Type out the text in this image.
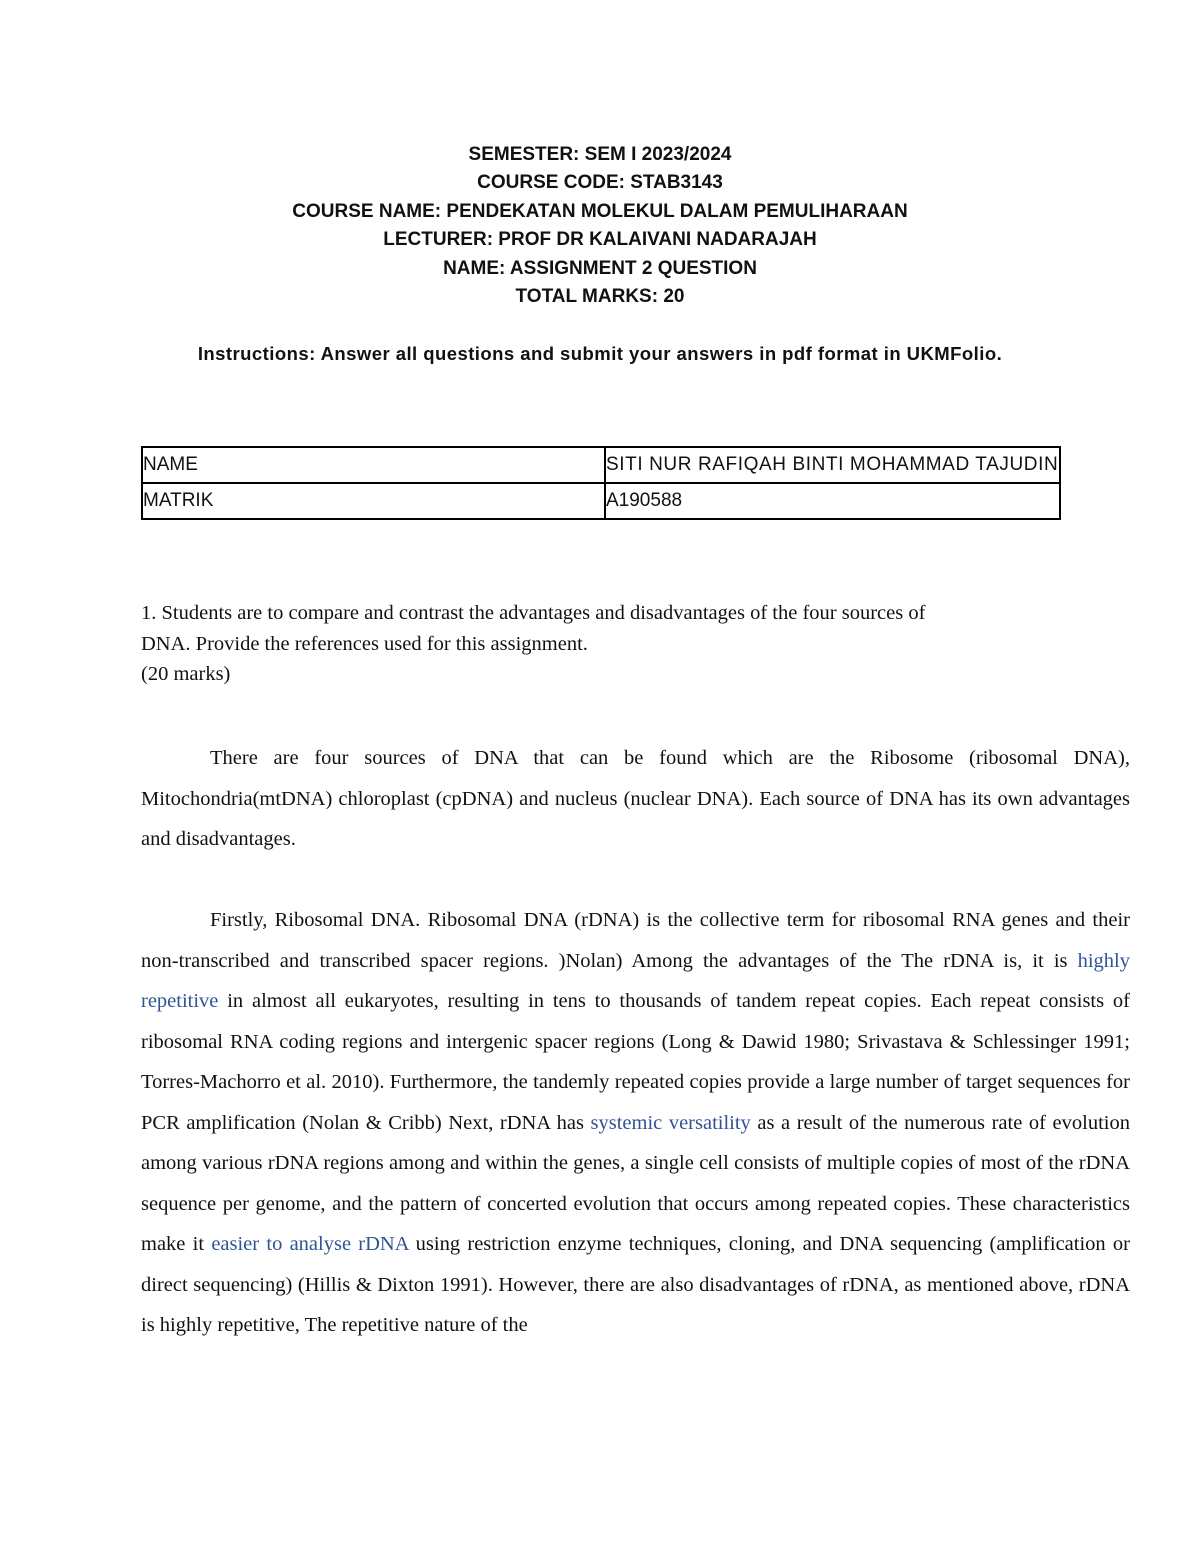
SEMESTER: SEM I 2023/2024
COURSE CODE: STAB3143
COURSE NAME: PENDEKATAN MOLEKUL DALAM PEMULIHARAAN
LECTURER: PROF DR KALAIVANI NADARAJAH
NAME: ASSIGNMENT 2 QUESTION
TOTAL MARKS: 20
Instructions: Answer all questions and submit your answers in pdf format in UKMFolio.
NAME	SITI NUR RAFIQAH BINTI MOHAMMAD TAJUDIN
MATRIK	A190588
1. Students are to compare and contrast the advantages and disadvantages of the four sources of
DNA. Provide the references used for this assignment.
(20 marks)

There are four sources of DNA that can be found which are the Ribosome (ribosomal DNA), Mitochondria(mtDNA) chloroplast (cpDNA) and nucleus (nuclear DNA). Each source of DNA has its own advantages and disadvantages.

Firstly, Ribosomal DNA. Ribosomal DNA (rDNA) is the collective term for ribosomal RNA genes and their non-transcribed and transcribed spacer regions. )Nolan) Among the advantages of the The rDNA is, it is highly repetitive in almost all eukaryotes, resulting in tens to thousands of tandem repeat copies. Each repeat consists of ribosomal RNA coding regions and intergenic spacer regions (Long & Dawid 1980; Srivastava & Schlessinger 1991; Torres-Machorro et al. 2010). Furthermore, the tandemly repeated copies provide a large number of target sequences for PCR amplification (Nolan & Cribb) Next, rDNA has systemic versatility as a result of the numerous rate of evolution among various rDNA regions among and within the genes, a single cell consists of multiple copies of most of the rDNA sequence per genome, and the pattern of concerted evolution that occurs among repeated copies. These characteristics make it easier to analyse rDNA using restriction enzyme techniques, cloning, and DNA sequencing (amplification or direct sequencing) (Hillis & Dixton 1991). However, there are also disadvantages of rDNA, as mentioned above, rDNA is highly repetitive, The repetitive nature of the
